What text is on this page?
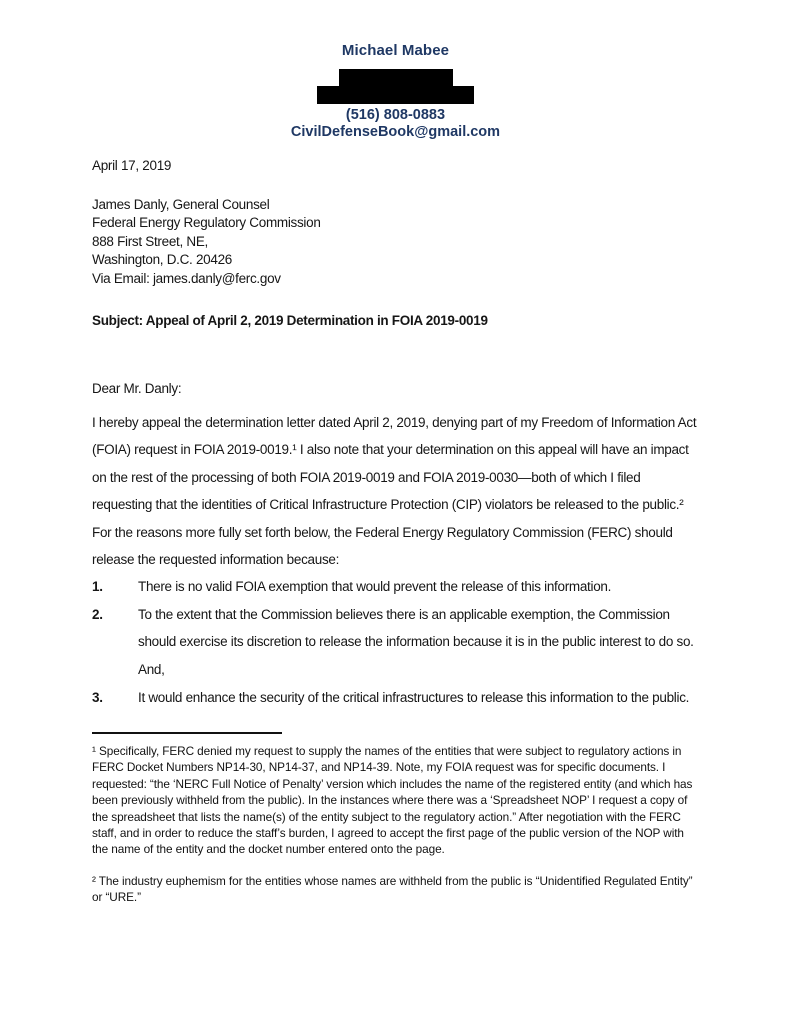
Michael Mabee
(516) 808-0883
CivilDefenseBook@gmail.com
April 17, 2019
James Danly, General Counsel
Federal Energy Regulatory Commission
888 First Street, NE,
Washington, D.C. 20426
Via Email: james.danly@ferc.gov
Subject: Appeal of April 2, 2019 Determination in FOIA 2019-0019
Dear Mr. Danly:

I hereby appeal the determination letter dated April 2, 2019, denying part of my Freedom of Information Act (FOIA) request in FOIA 2019-0019.¹ I also note that your determination on this appeal will have an impact on the rest of the processing of both FOIA 2019-0019 and FOIA 2019-0030—both of which I filed requesting that the identities of Critical Infrastructure Protection (CIP) violators be released to the public.² For the reasons more fully set forth below, the Federal Energy Regulatory Commission (FERC) should release the requested information because:

1.	There is no valid FOIA exemption that would prevent the release of this information.
2.	To the extent that the Commission believes there is an applicable exemption, the Commission should exercise its discretion to release the information because it is in the public interest to do so. And,
3.	It would enhance the security of the critical infrastructures to release this information to the public.

¹ Specifically, FERC denied my request to supply the names of the entities that were subject to regulatory actions in FERC Docket Numbers NP14-30, NP14-37, and NP14-39. Note, my FOIA request was for specific documents. I requested: “the ‘NERC Full Notice of Penalty’ version which includes the name of the registered entity (and which has been previously withheld from the public). In the instances where there was a ‘Spreadsheet NOP’ I request a copy of the spreadsheet that lists the name(s) of the entity subject to the regulatory action.” After negotiation with the FERC staff, and in order to reduce the staff’s burden, I agreed to accept the first page of the public version of the NOP with the name of the entity and the docket number entered onto the page.

² The industry euphemism for the entities whose names are withheld from the public is “Unidentified Regulated Entity” or “URE.”
